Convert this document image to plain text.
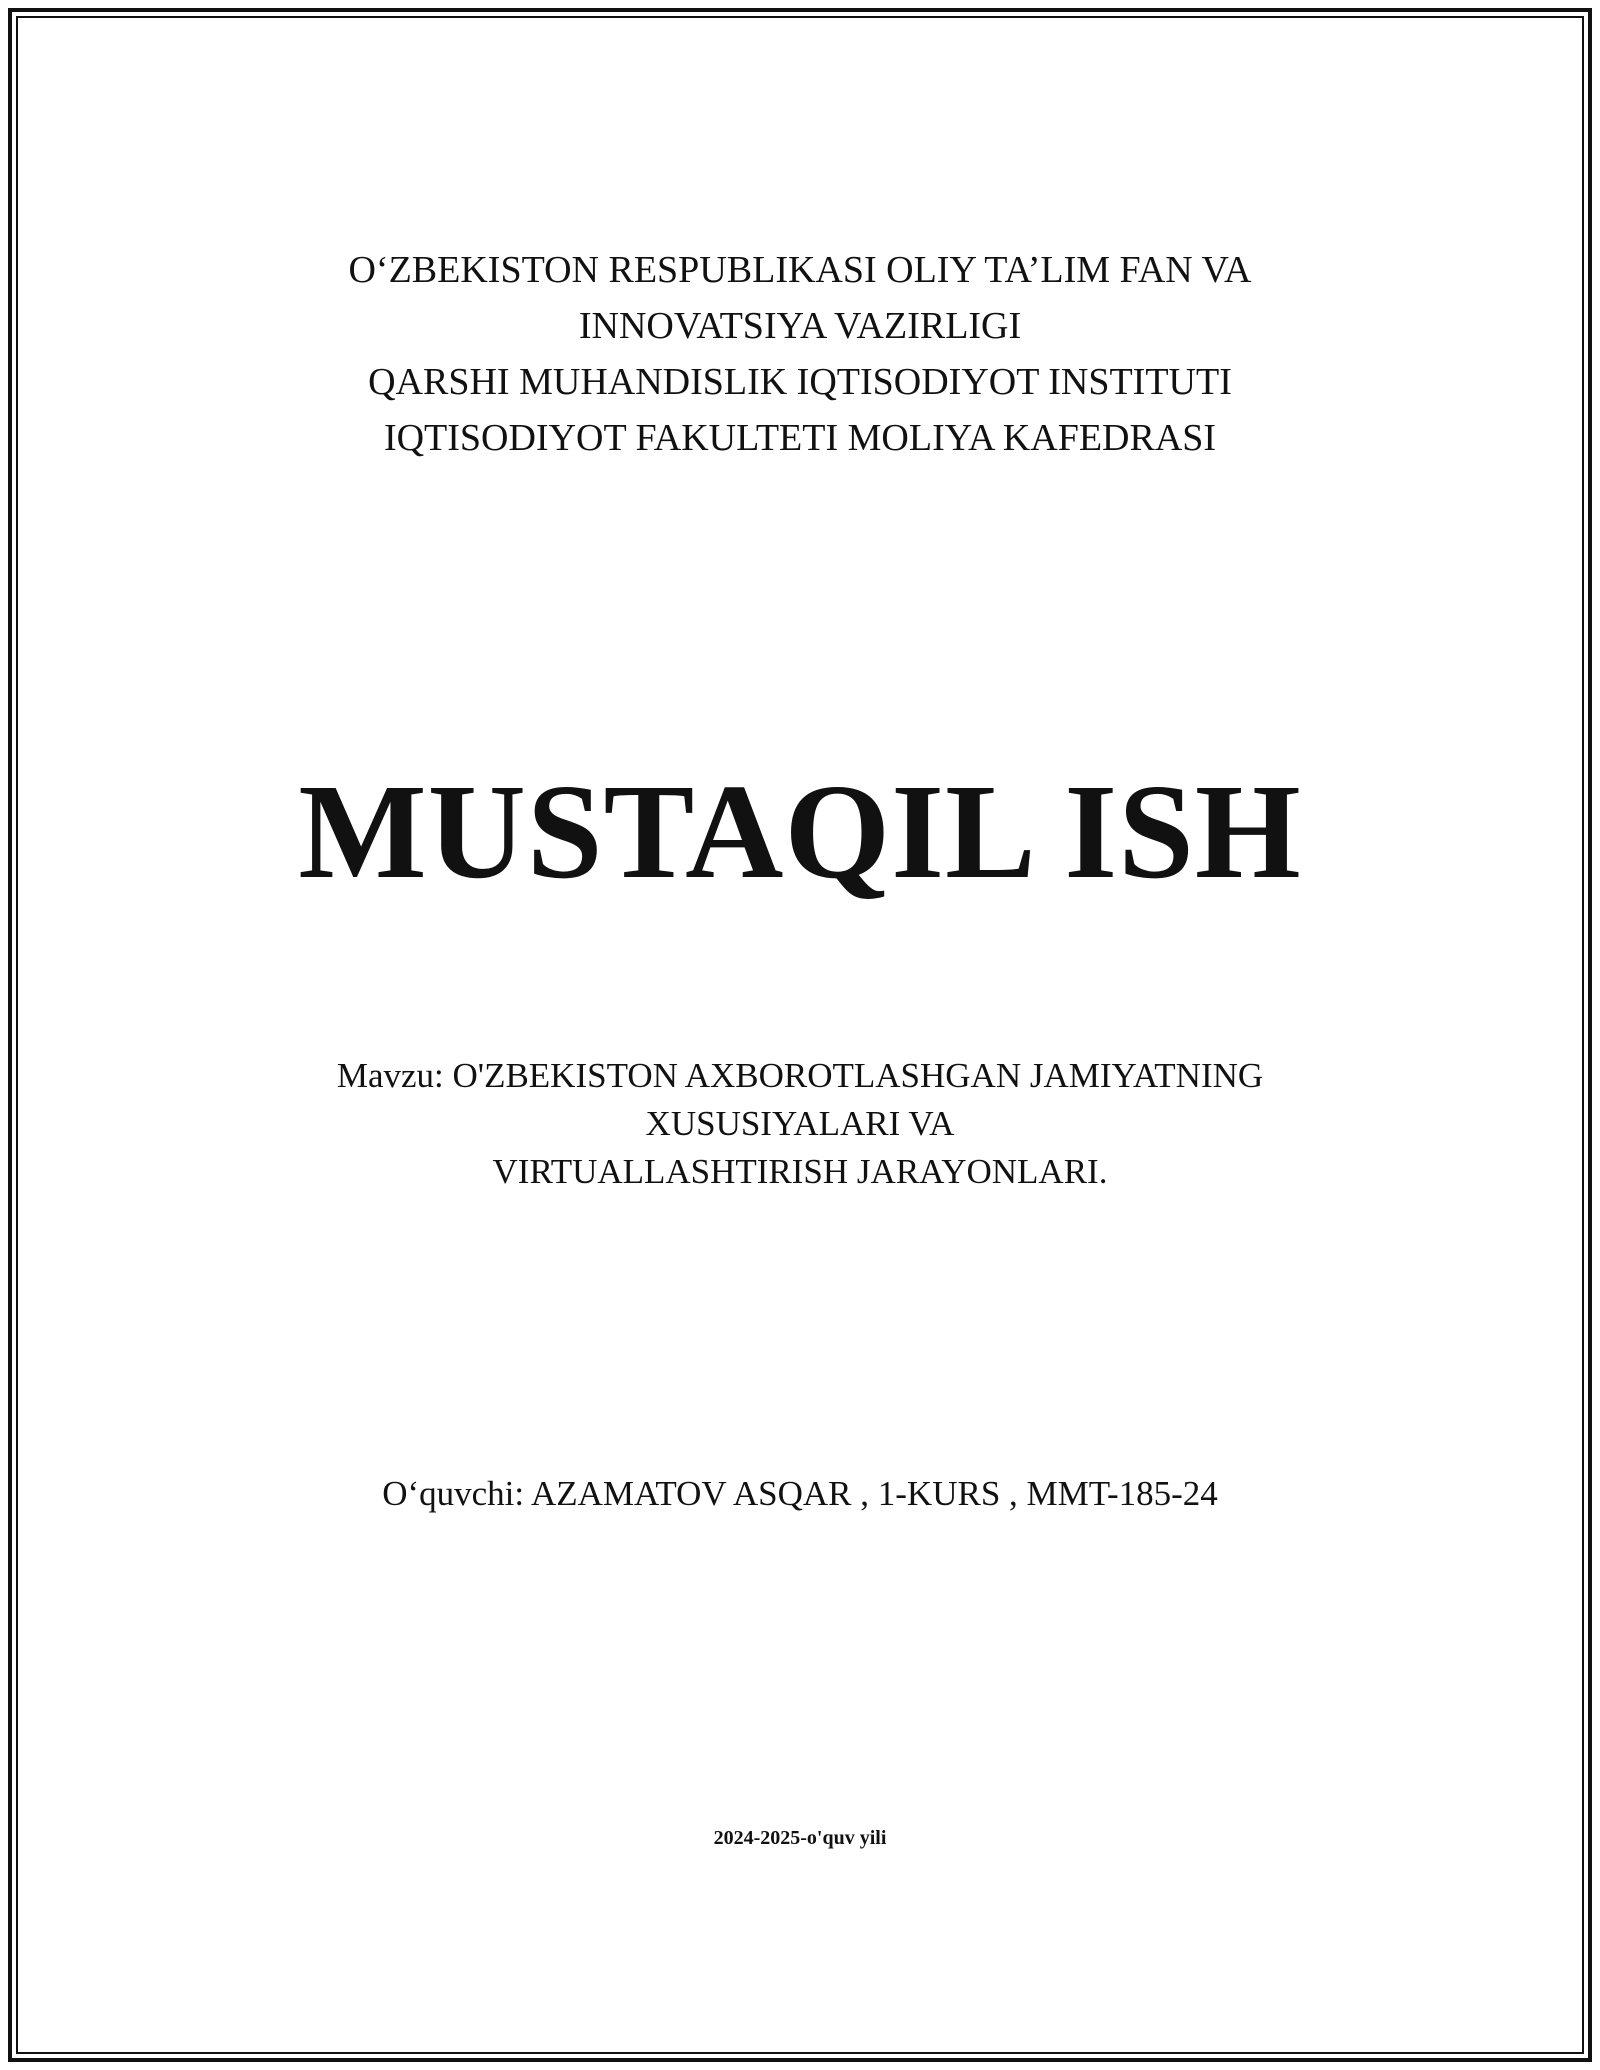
O‘ZBEKISTON RESPUBLIKASI OLIY TA’LIM FAN VA
INNOVATSIYA VAZIRLIGI
QARSHI MUHANDISLIK IQTISODIYOT INSTITUTI
IQTISODIYOT FAKULTETI MOLIYA KAFEDRASI
MUSTAQIL ISH
Mavzu: O'ZBEKISTON AXBOROTLASHGAN JAMIYATNING
XUSUSIYALARI VA
VIRTUALLASHTIRISH JARAYONLARI.
O‘quvchi: AZAMATOV ASQAR , 1-KURS , MMT-185-24
2024-2025-o'quv yili
